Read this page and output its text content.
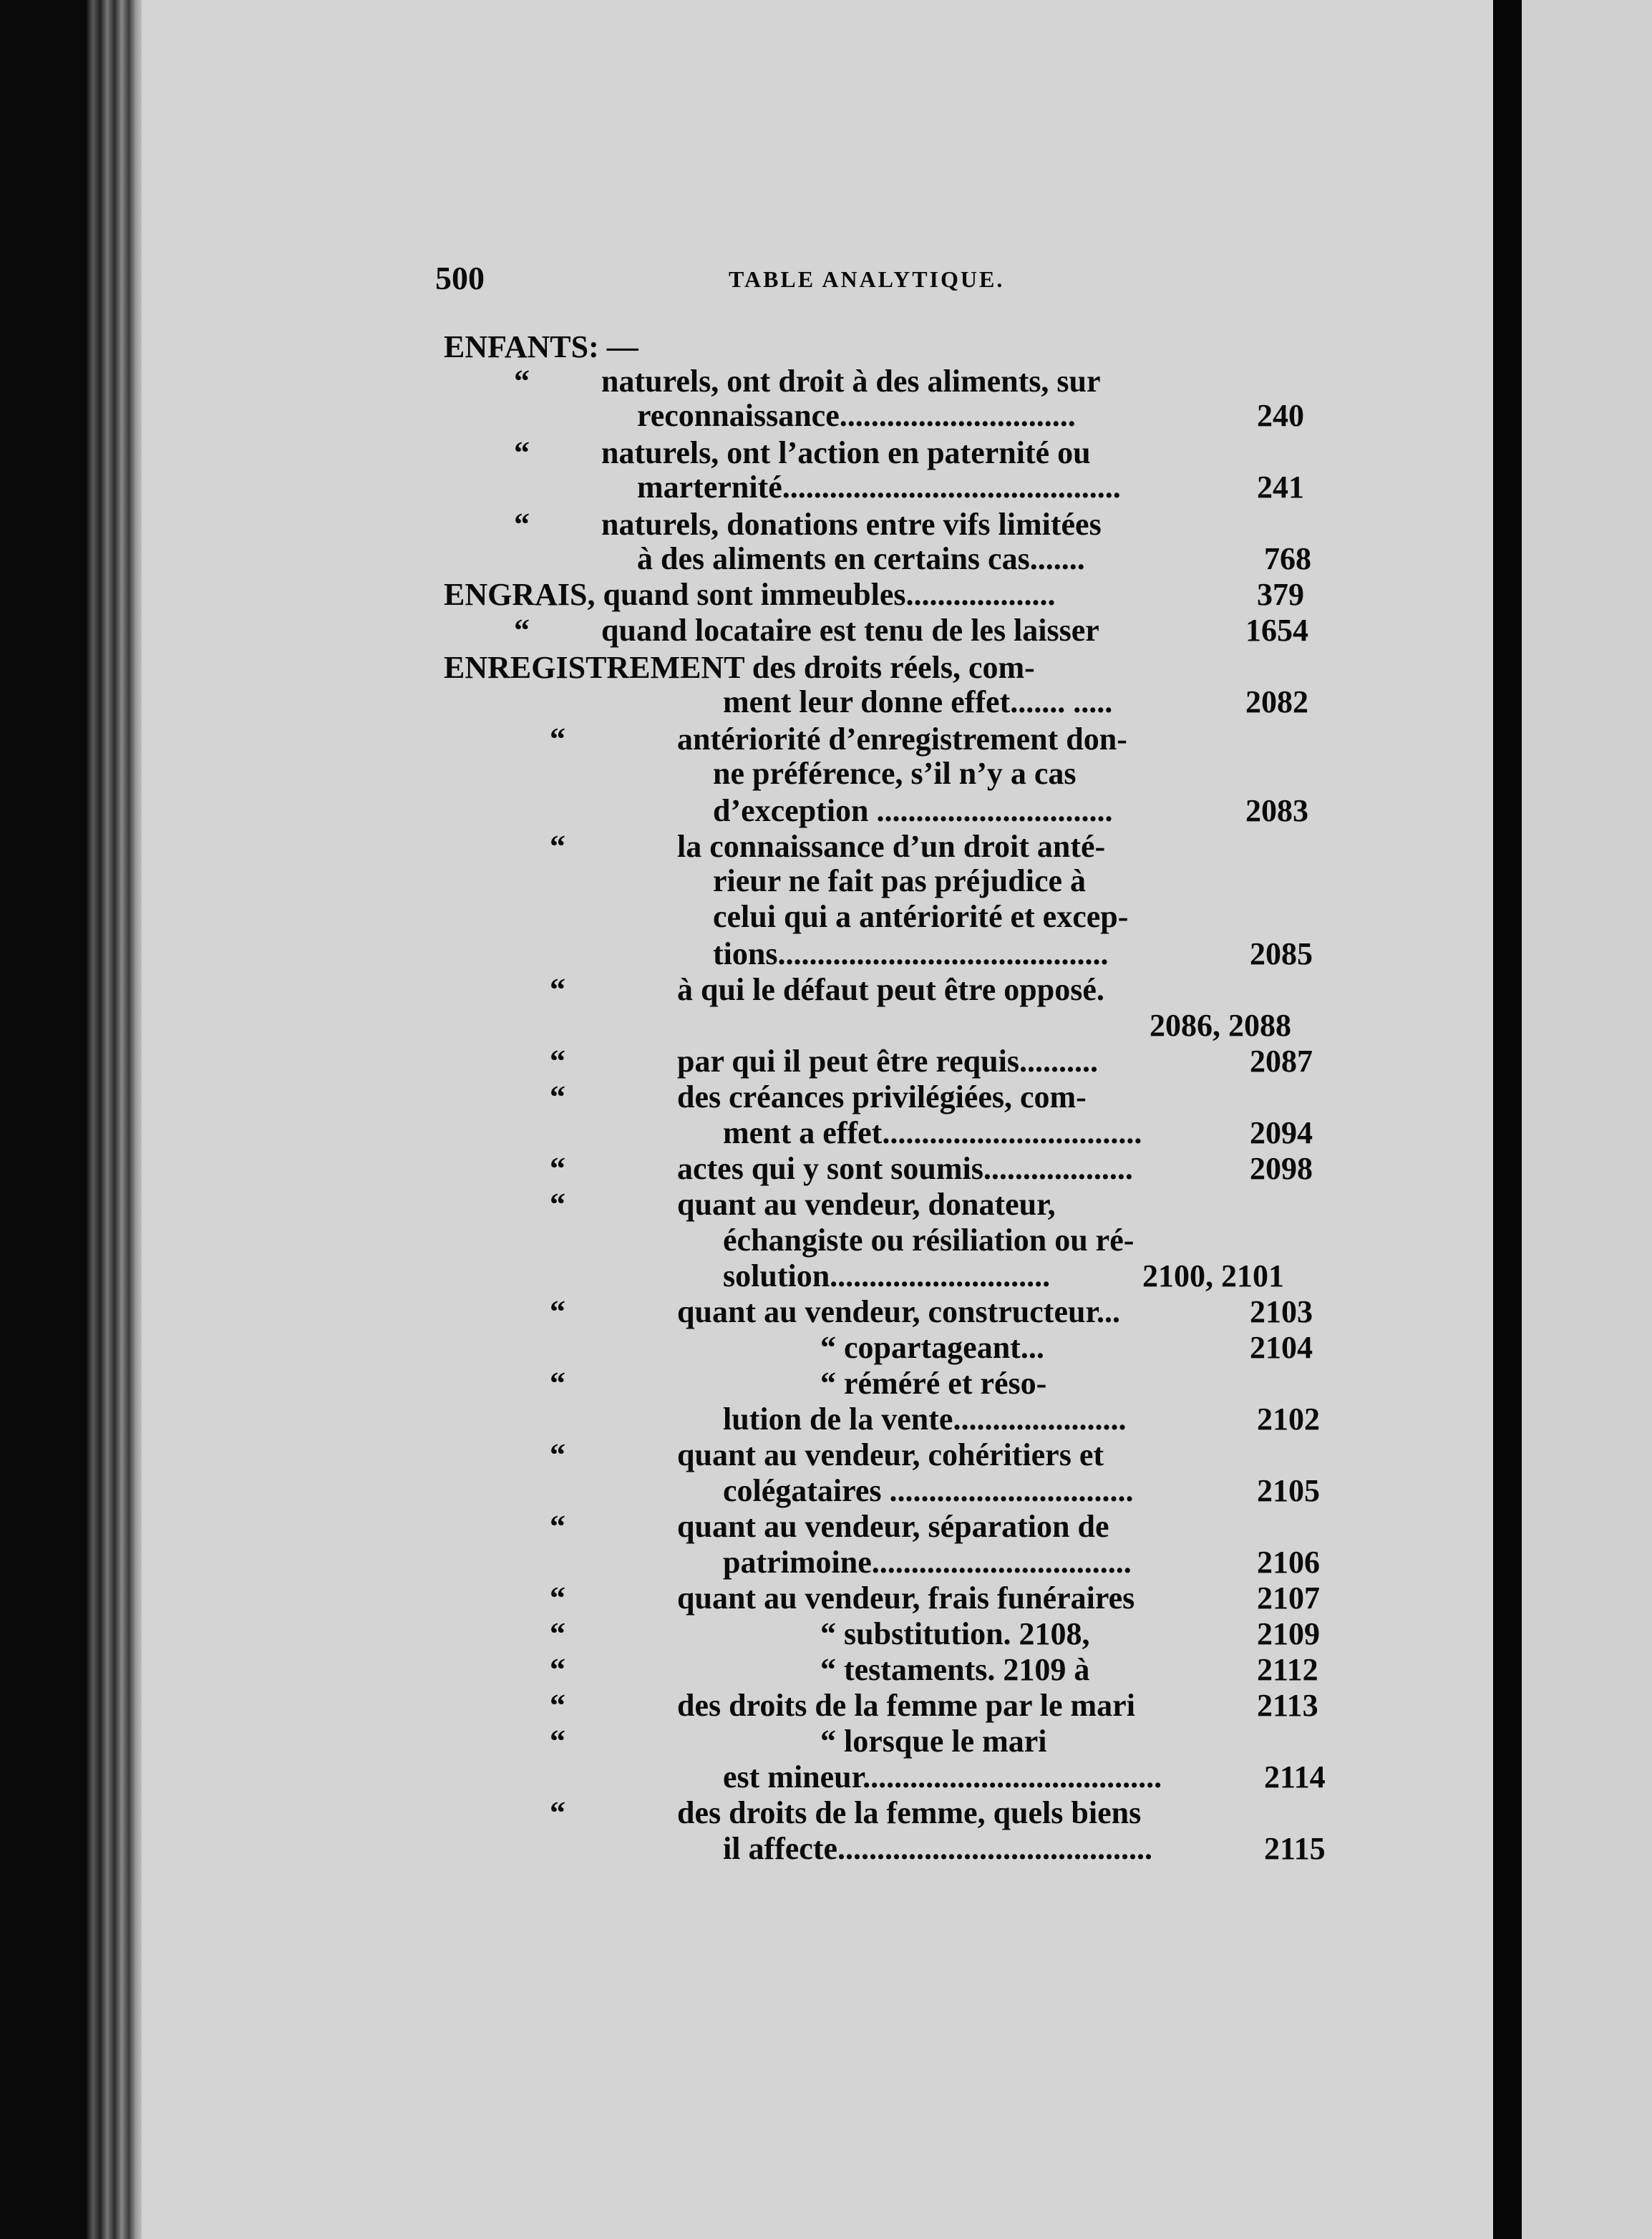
500	TABLE ANALYTIQUE.
ENFANTS: —
“ naturels, ont droit à des aliments, sur
reconnaissance..............................	240
“ naturels, ont l’action en paternité ou
marternité...........................................	241
“ naturels, donations entre vifs limitées
à des aliments en certains cas.......	768
ENGRAIS, quand sont immeubles...................	379
“ quand locataire est tenu de les laisser	1654
ENREGISTREMENT des droits réels, com-
ment leur donne effet....... .....	2082
“	antériorité d’enregistrement don-
ne préférence, s’il n’y a cas
d’exception ..............................	2083
“	la connaissance d’un droit anté-
rieur ne fait pas préjudice à
celui qui a antériorité et excep-
tions..........................................	2085
“	à qui le défaut peut être opposé.
2086, 2088
“	par qui il peut être requis..........	2087
“	des créances privilégiées, com-
ment a effet.................................	2094
“	actes qui y sont soumis...................	2098
“	quant au vendeur, donateur,
échangiste ou résiliation ou ré-
solution............................	2100, 2101
“	quant au vendeur, constructeur...	2103
“ copartageant...	2104
“	“ réméré et réso-
lution de la vente......................	2102
“	quant au vendeur, cohéritiers et
colégataires ...............................	2105
“	quant au vendeur, séparation de
patrimoine.................................	2106
“	quant au vendeur, frais funéraires	2107
“	“ substitution. 2108,	2109
“	“ testaments. 2109 à	2112
“	des droits de la femme par le mari	2113
“	“ lorsque le mari
est mineur......................................	2114
“	des droits de la femme, quels biens
il affecte........................................	2115
